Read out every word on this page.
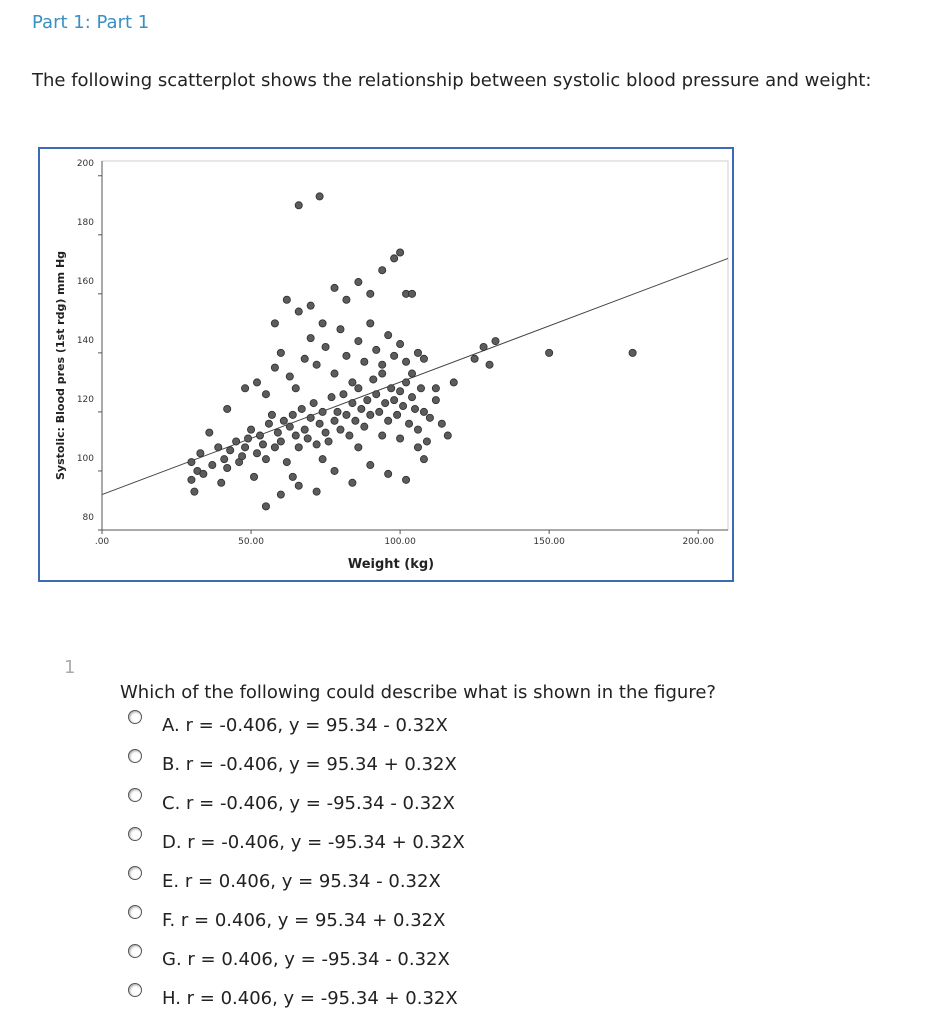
Part 1: Part 1
The following scatterplot shows the relationship between systolic blood pressure and weight:
80
100
120
140
160
180
200
.00	50.00	100.00	150.00	200.00
Weight (kg)
Systolic: Blood pres (1st rdg) mm Hg
1
Which of the following could describe what is shown in the figure?
A. r = -0.406, y = 95.34 - 0.32X
B. r = -0.406, y = 95.34 + 0.32X
C. r = -0.406, y = -95.34 - 0.32X
D. r = -0.406, y = -95.34 + 0.32X
E. r = 0.406, y = 95.34 - 0.32X
F. r = 0.406, y = 95.34 + 0.32X
G. r = 0.406, y = -95.34 - 0.32X
H. r = 0.406, y = -95.34 + 0.32X
